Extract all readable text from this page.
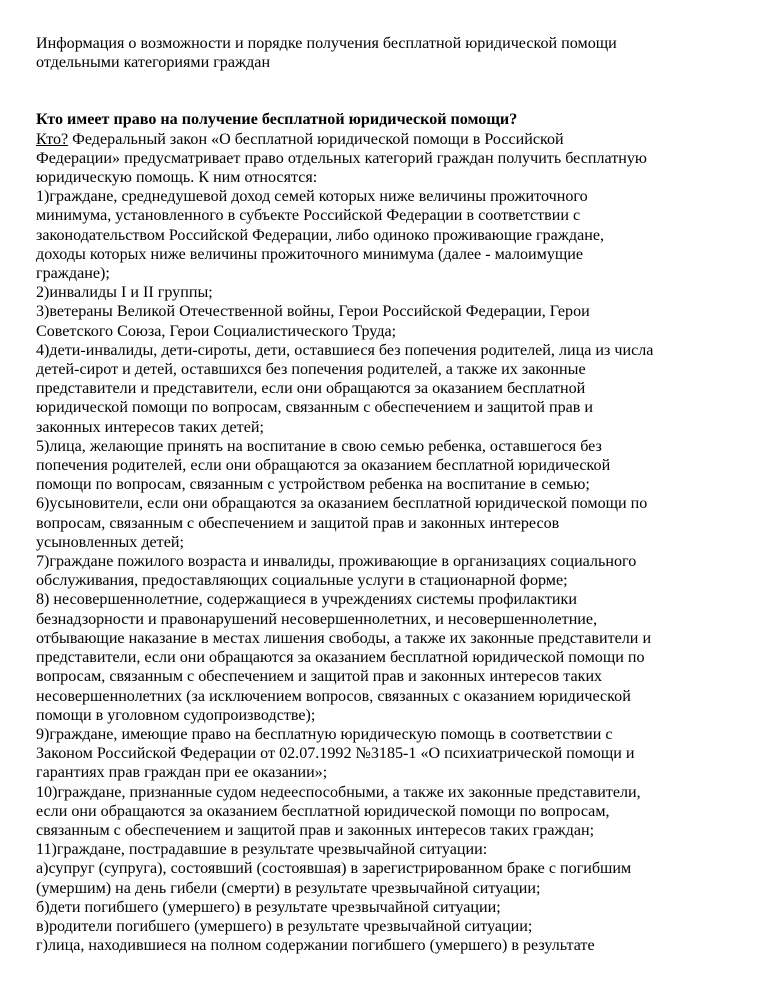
Информация о возможности и порядке получения бесплатной юридической помощи
отдельными категориями граждан
Кто имеет право на получение бесплатной юридической помощи?
Кто? Федеральный закон «О бесплатной юридической помощи в Российской
Федерации» предусматривает право отдельных категорий граждан получить бесплатную
юридическую помощь. К ним относятся:
1)граждане, среднедушевой доход семей которых ниже величины прожиточного
минимума, установленного в субъекте Российской Федерации в соответствии с
законодательством Российской Федерации, либо одиноко проживающие граждане,
доходы которых ниже величины прожиточного минимума (далее - малоимущие
граждане);
2)инвалиды I и II группы;
3)ветераны Великой Отечественной войны, Герои Российской Федерации, Герои
Советского Союза, Герои Социалистического Труда;
4)дети-инвалиды, дети-сироты, дети, оставшиеся без попечения родителей, лица из числа
детей-сирот и детей, оставшихся без попечения родителей, а также их законные
представители и представители, если они обращаются за оказанием бесплатной
юридической помощи по вопросам, связанным с обеспечением и защитой прав и
законных интересов таких детей;
5)лица, желающие принять на воспитание в свою семью ребенка, оставшегося без
попечения родителей, если они обращаются за оказанием бесплатной юридической
помощи по вопросам, связанным с устройством ребенка на воспитание в семью;
6)усыновители, если они обращаются за оказанием бесплатной юридической помощи по
вопросам, связанным с обеспечением и защитой прав и законных интересов
усыновленных детей;
7)граждане пожилого возраста и инвалиды, проживающие в организациях социального
обслуживания, предоставляющих социальные услуги в стационарной форме;
8) несовершеннолетние, содержащиеся в учреждениях системы профилактики
безнадзорности и правонарушений несовершеннолетних, и несовершеннолетние,
отбывающие наказание в местах лишения свободы, а также их законные представители и
представители, если они обращаются за оказанием бесплатной юридической помощи по
вопросам, связанным с обеспечением и защитой прав и законных интересов таких
несовершеннолетних (за исключением вопросов, связанных с оказанием юридической
помощи в уголовном судопроизводстве);
9)граждане, имеющие право на бесплатную юридическую помощь в соответствии с
Законом Российской Федерации от 02.07.1992 №3185-1 «О психиатрической помощи и
гарантиях прав граждан при ее оказании»;
10)граждане, признанные судом недееспособными, а также их законные представители,
если они обращаются за оказанием бесплатной юридической помощи по вопросам,
связанным с обеспечением и защитой прав и законных интересов таких граждан;
11)граждане, пострадавшие в результате чрезвычайной ситуации:
а)супруг (супруга), состоявший (состоявшая) в зарегистрированном браке с погибшим
(умершим) на день гибели (смерти) в результате чрезвычайной ситуации;
б)дети погибшего (умершего) в результате чрезвычайной ситуации;
в)родители погибшего (умершего) в результате чрезвычайной ситуации;
г)лица, находившиеся на полном содержании погибшего (умершего) в результате
